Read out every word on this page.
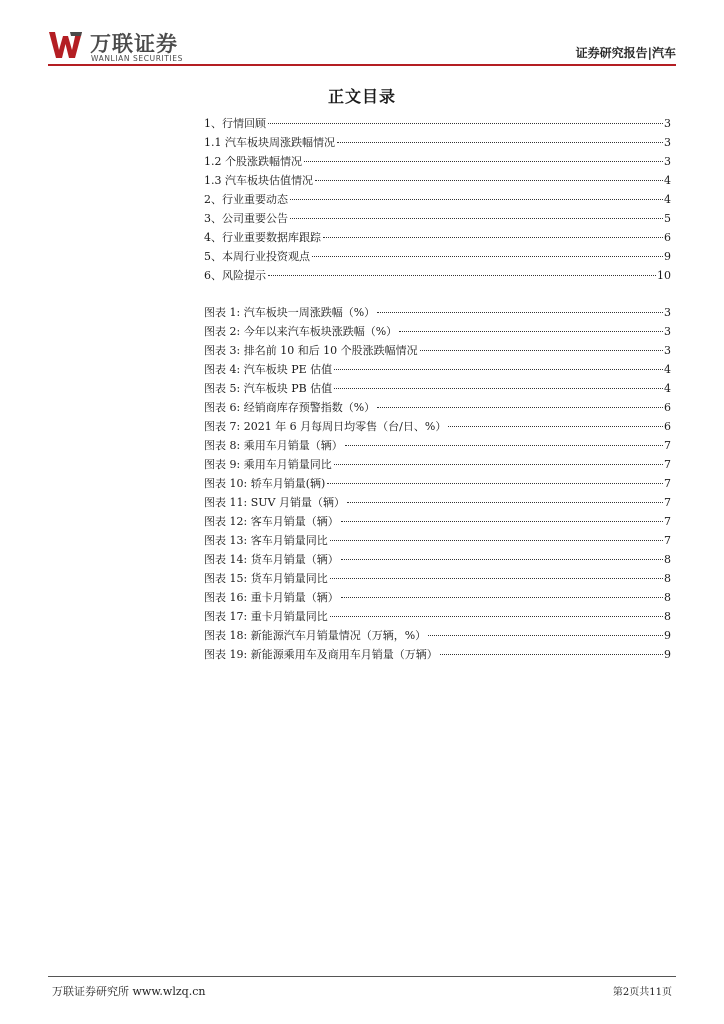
万联证券
WANLIAN SECURITIES	证券研究报告|汽车
正文目录
1、行情回顾	3
1.1 汽车板块周涨跌幅情况	3
1.2 个股涨跌幅情况	3
1.3 汽车板块估值情况	4
2、行业重要动态	4
3、公司重要公告	5
4、行业重要数据库跟踪	6
5、本周行业投资观点	9
6、风险提示	10
图表 1: 汽车板块一周涨跌幅（%）	3
图表 2: 今年以来汽车板块涨跌幅（%）	3
图表 3: 排名前 10 和后 10 个股涨跌幅情况	3
图表 4: 汽车板块 PE 估值	4
图表 5: 汽车板块 PB 估值	4
图表 6: 经销商库存预警指数（%）	6
图表 7: 2021 年 6 月每周日均零售（台/日、%）	6
图表 8: 乘用车月销量（辆）	7
图表 9: 乘用车月销量同比	7
图表 10: 轿车月销量(辆)	7
图表 11: SUV 月销量（辆）	7
图表 12: 客车月销量（辆）	7
图表 13: 客车月销量同比	7
图表 14: 货车月销量（辆）	8
图表 15: 货车月销量同比	8
图表 16: 重卡月销量（辆）	8
图表 17: 重卡月销量同比	8
图表 18: 新能源汽车月销量情况（万辆，%）	9
图表 19: 新能源乘用车及商用车月销量（万辆）	9
万联证券研究所 www.wlzq.cn	第2页共11页
